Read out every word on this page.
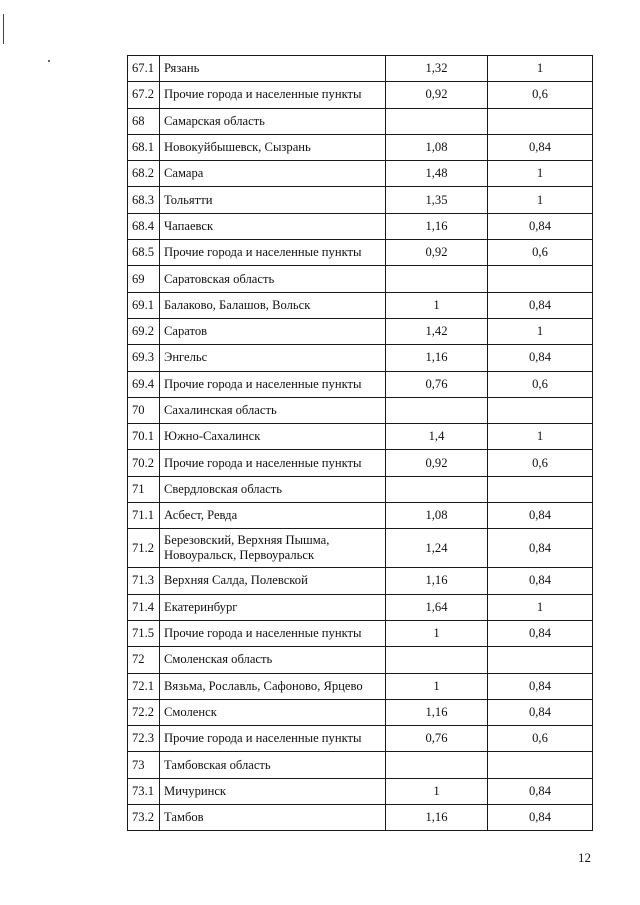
67.1	Рязань	1,32	1
67.2	Прочие города и населенные пункты	0,92	0,6
68	Самарская область		
68.1	Новокуйбышевск, Сызрань	1,08	0,84
68.2	Самара	1,48	1
68.3	Тольятти	1,35	1
68.4	Чапаевск	1,16	0,84
68.5	Прочие города и населенные пункты	0,92	0,6
69	Саратовская область		
69.1	Балаково, Балашов, Вольск	1	0,84
69.2	Саратов	1,42	1
69.3	Энгельс	1,16	0,84
69.4	Прочие города и населенные пункты	0,76	0,6
70	Сахалинская область		
70.1	Южно-Сахалинск	1,4	1
70.2	Прочие города и населенные пункты	0,92	0,6
71	Свердловская область		
71.1	Асбест, Ревда	1,08	0,84
71.2	Березовский, Верхняя Пышма, Новоуральск, Первоуральск	1,24	0,84
71.3	Верхняя Салда, Полевской	1,16	0,84
71.4	Екатеринбург	1,64	1
71.5	Прочие города и населенные пункты	1	0,84
72	Смоленская область		
72.1	Вязьма, Рославль, Сафоново, Ярцево	1	0,84
72.2	Смоленск	1,16	0,84
72.3	Прочие города и населенные пункты	0,76	0,6
73	Тамбовская область		
73.1	Мичуринск	1	0,84
73.2	Тамбов	1,16	0,84
12
